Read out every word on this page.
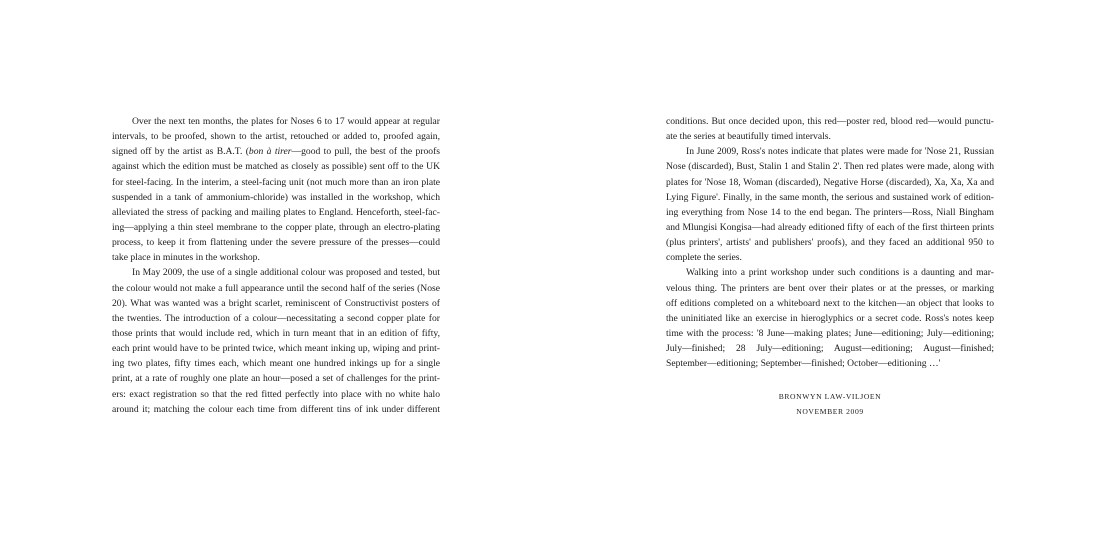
Over the next ten months, the plates for Noses 6 to 17 would appear at regular
intervals, to be proofed, shown to the artist, retouched or added to, proofed again,
signed off by the artist as B.A.T. (bon à tirer—good to pull, the best of the proofs
against which the edition must be matched as closely as possible) sent off to the UK
for steel-facing. In the interim, a steel-facing unit (not much more than an iron plate
suspended in a tank of ammonium-chloride) was installed in the workshop, which
alleviated the stress of packing and mailing plates to England. Henceforth, steel-fac-
ing—applying a thin steel membrane to the copper plate, through an electro-plating
process, to keep it from flattening under the severe pressure of the presses—could
take place in minutes in the workshop.
In May 2009, the use of a single additional colour was proposed and tested, but
the colour would not make a full appearance until the second half of the series (Nose
20). What was wanted was a bright scarlet, reminiscent of Constructivist posters of
the twenties. The introduction of a colour—necessitating a second copper plate for
those prints that would include red, which in turn meant that in an edition of fifty,
each print would have to be printed twice, which meant inking up, wiping and print-
ing two plates, fifty times each, which meant one hundred inkings up for a single
print, at a rate of roughly one plate an hour—posed a set of challenges for the print-
ers: exact registration so that the red fitted perfectly into place with no white halo
around it; matching the colour each time from different tins of ink under different
conditions. But once decided upon, this red—poster red, blood red—would punctu-
ate the series at beautifully timed intervals.
In June 2009, Ross's notes indicate that plates were made for 'Nose 21, Russian
Nose (discarded), Bust, Stalin 1 and Stalin 2'. Then red plates were made, along with
plates for 'Nose 18, Woman (discarded), Negative Horse (discarded), Xa, Xa, Xa and
Lying Figure'. Finally, in the same month, the serious and sustained work of edition-
ing everything from Nose 14 to the end began. The printers—Ross, Niall Bingham
and Mlungisi Kongisa—had already editioned fifty of each of the first thirteen prints
(plus printers', artists' and publishers' proofs), and they faced an additional 950 to
complete the series.
Walking into a print workshop under such conditions is a daunting and mar-
velous thing. The printers are bent over their plates or at the presses, or marking
off editions completed on a whiteboard next to the kitchen—an object that looks to
the uninitiated like an exercise in hieroglyphics or a secret code. Ross's notes keep
time with the process: '8 June—making plates; June—editioning; July—editioning;
July—finished; 28 July—editioning; August—editioning; August—finished;
September—editioning; September—finished; October—editioning …'
BRONWYN LAW-VILJOEN
NOVEMBER 2009
